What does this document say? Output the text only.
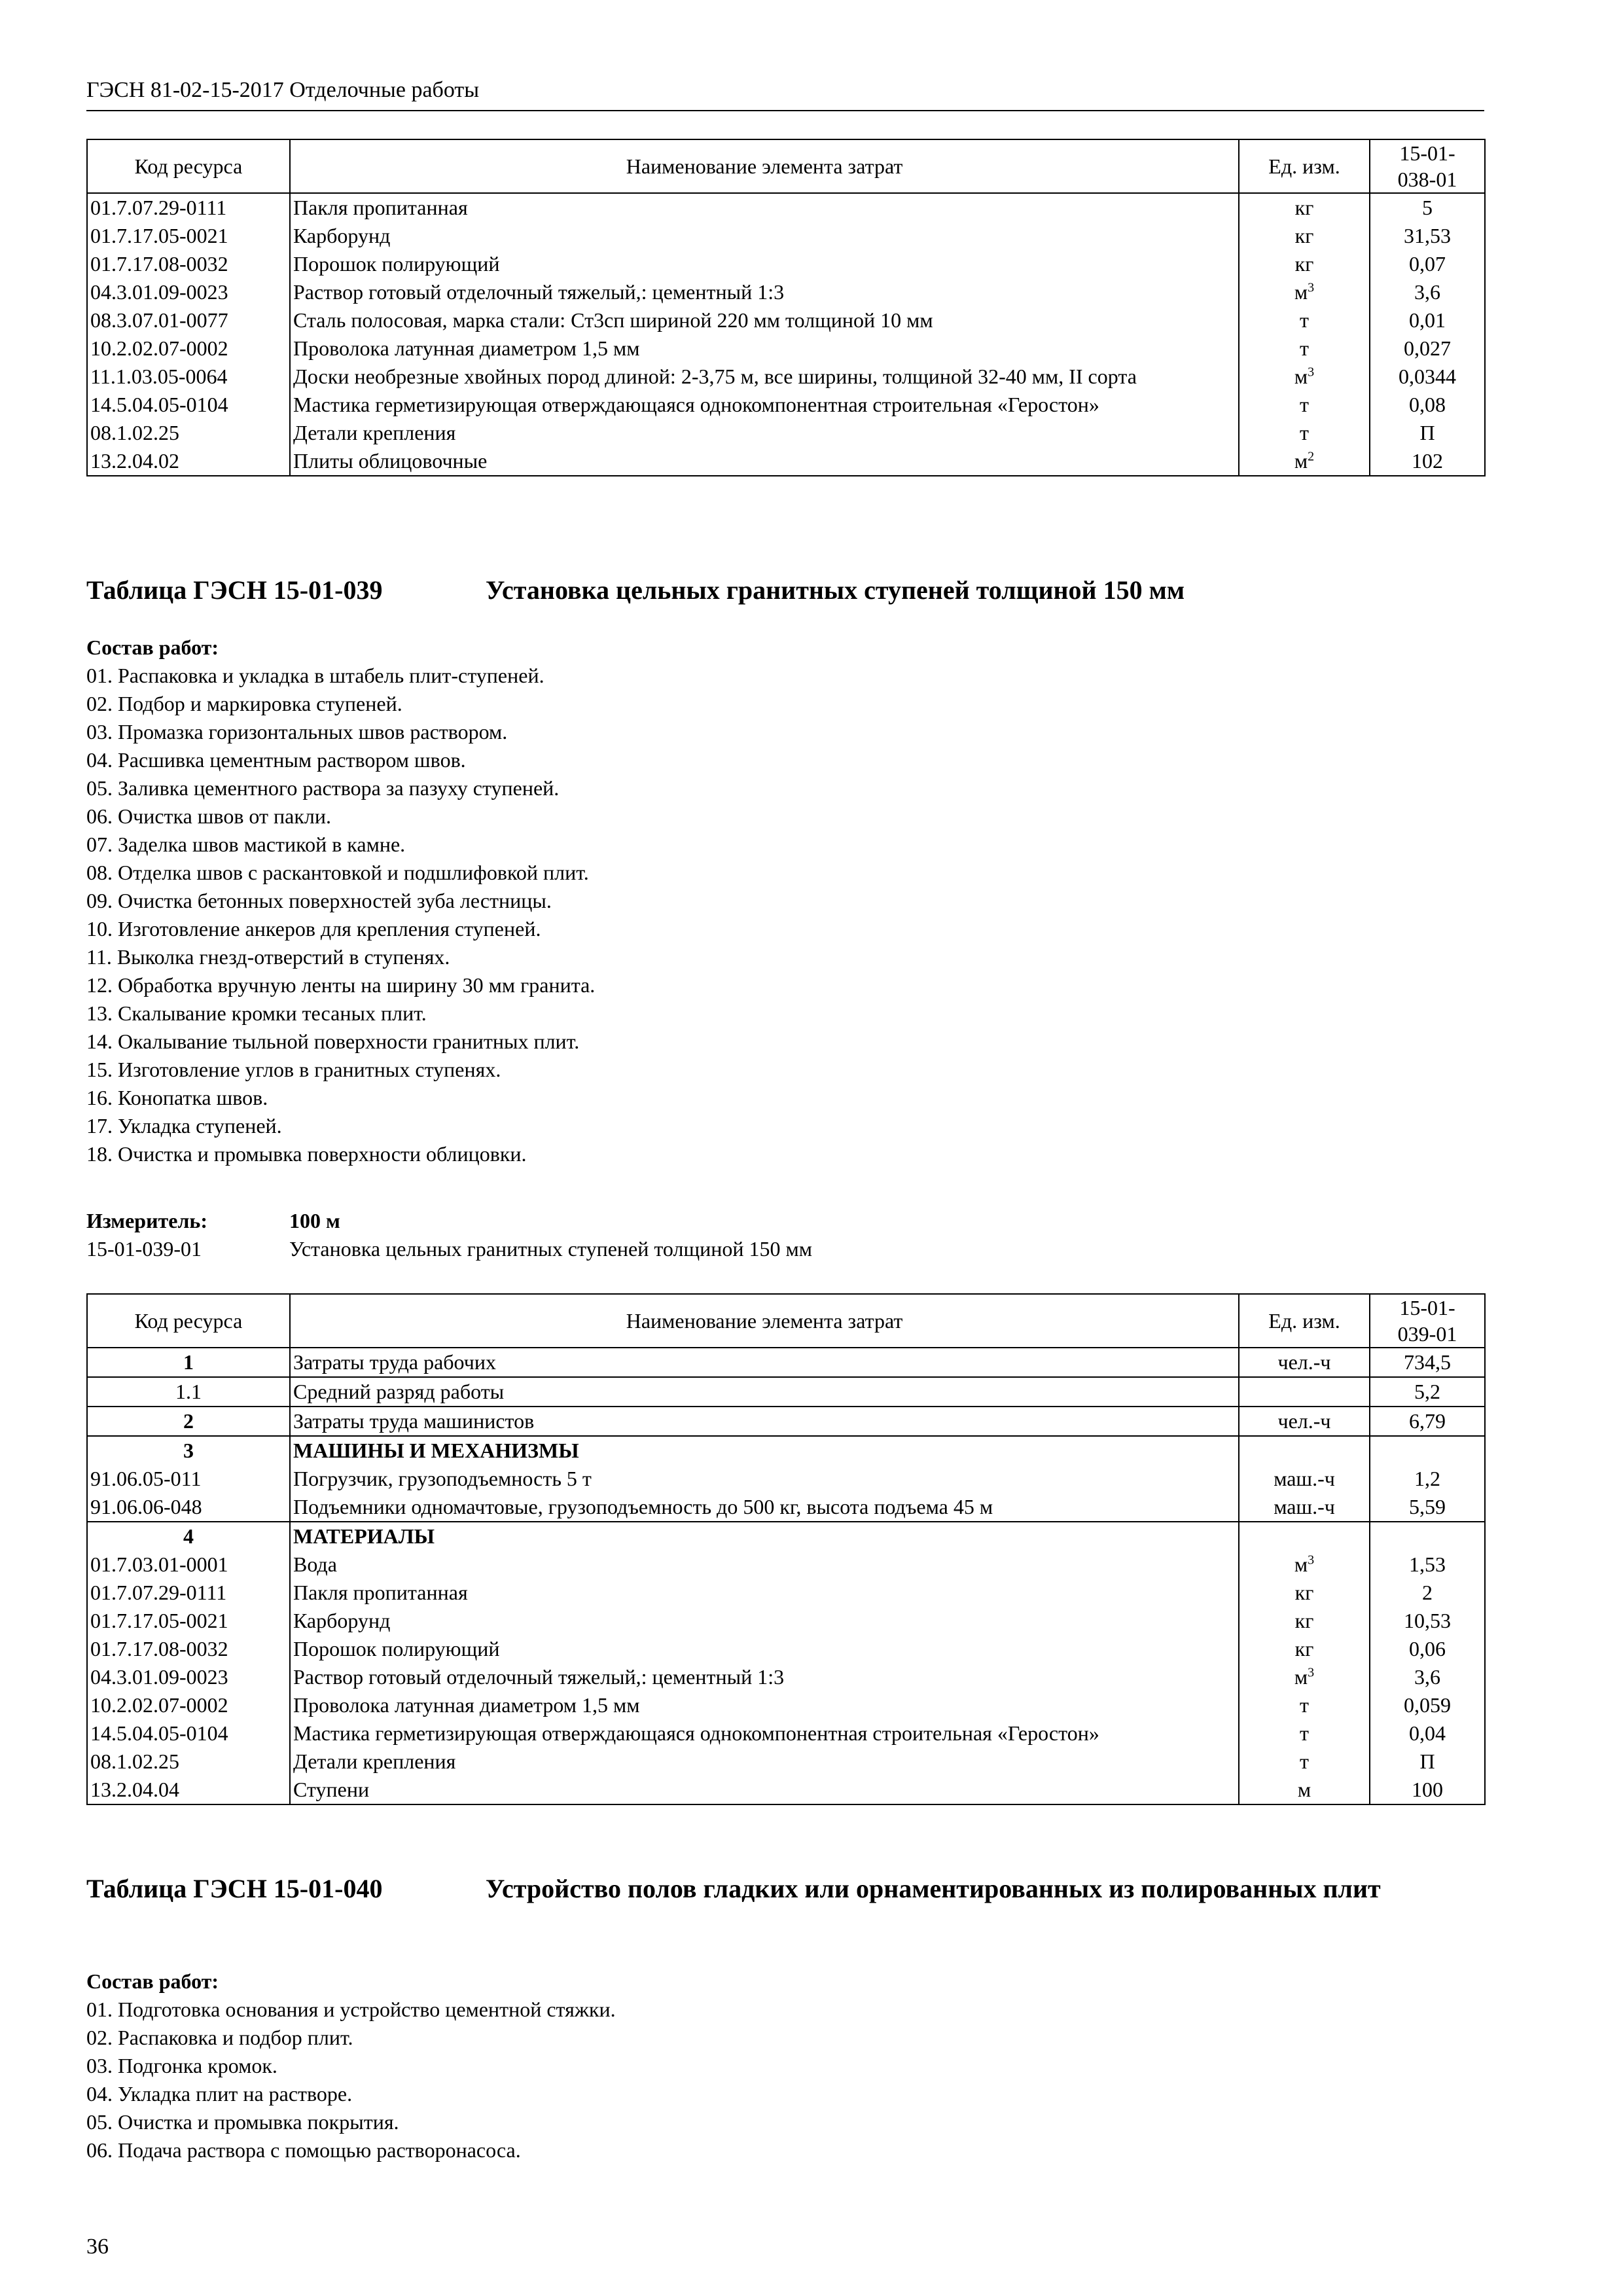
ГЭСН 81-02-15-2017 Отделочные работы
Код ресурса	Наименование элемента затрат	Ед. изм.	15-01-
038-01
01.7.07.29-0111	Пакля пропитанная	кг	5
01.7.17.05-0021	Карборунд	кг	31,53
01.7.17.08-0032	Порошок полирующий	кг	0,07
04.3.01.09-0023	Раствор готовый отделочный тяжелый,: цементный 1:3	$м^3$	3,6
08.3.07.01-0077	Сталь полосовая, марка стали: Ст3сп шириной 220 мм толщиной 10 мм	т	0,01
10.2.02.07-0002	Проволока латунная диаметром 1,5 мм	т	0,027
11.1.03.05-0064	Доски необрезные хвойных пород длиной: 2-3,75 м, все ширины, толщиной 32-40 мм, II сорта	$м^3$	0,0344
14.5.04.05-0104	Мастика герметизирующая отверждающаяся однокомпонентная строительная «Геростон»	т	0,08
08.1.02.25	Детали крепления	т	П
13.2.04.02	Плиты облицовочные	$м^2$	102
Таблица ГЭСН 15-01-039	Установка цельных гранитных ступеней толщиной 150 мм
Состав работ:
01. Распаковка и укладка в штабель плит-ступеней.
02. Подбор и маркировка ступеней.
03. Промазка горизонтальных швов раствором.
04. Расшивка цементным раствором швов.
05. Заливка цементного раствора за пазуху ступеней.
06. Очистка швов от пакли.
07. Заделка швов мастикой в камне.
08. Отделка швов с раскантовкой и подшлифовкой плит.
09. Очистка бетонных поверхностей зуба лестницы.
10. Изготовление анкеров для крепления ступеней.
11. Выколка гнезд-отверстий в ступенях.
12. Обработка вручную ленты на ширину 30 мм гранита.
13. Скалывание кромки тесаных плит.
14. Окалывание тыльной поверхности гранитных плит.
15. Изготовление углов в гранитных ступенях.
16. Конопатка швов.
17. Укладка ступеней.
18. Очистка и промывка поверхности облицовки.
Измеритель:	100 м
15-01-039-01	Установка цельных гранитных ступеней толщиной 150 мм
Код ресурса	Наименование элемента затрат	Ед. изм.	15-01-
039-01
1	Затраты труда рабочих	чел.-ч	734,5
1.1	Средний разряд работы		5,2
2	Затраты труда машинистов	чел.-ч	6,79
3	МАШИНЫ И МЕХАНИЗМЫ		
91.06.05-011	Погрузчик, грузоподъемность 5 т	маш.-ч	1,2
91.06.06-048	Подъемники одномачтовые, грузоподъемность до 500 кг, высота подъема 45 м	маш.-ч	5,59
4	МАТЕРИАЛЫ		
01.7.03.01-0001	Вода	$м^3$	1,53
01.7.07.29-0111	Пакля пропитанная	кг	2
01.7.17.05-0021	Карборунд	кг	10,53
01.7.17.08-0032	Порошок полирующий	кг	0,06
04.3.01.09-0023	Раствор готовый отделочный тяжелый,: цементный 1:3	$м^3$	3,6
10.2.02.07-0002	Проволока латунная диаметром 1,5 мм	т	0,059
14.5.04.05-0104	Мастика герметизирующая отверждающаяся однокомпонентная строительная «Геростон»	т	0,04
08.1.02.25	Детали крепления	т	П
13.2.04.04	Ступени	м	100
Таблица ГЭСН 15-01-040	Устройство полов гладких или орнаментированных из полированных плит
Состав работ:
01. Подготовка основания и устройство цементной стяжки.
02. Распаковка и подбор плит.
03. Подгонка кромок.
04. Укладка плит на растворе.
05. Очистка и промывка покрытия.
06. Подача раствора с помощью растворонасоса.
36
